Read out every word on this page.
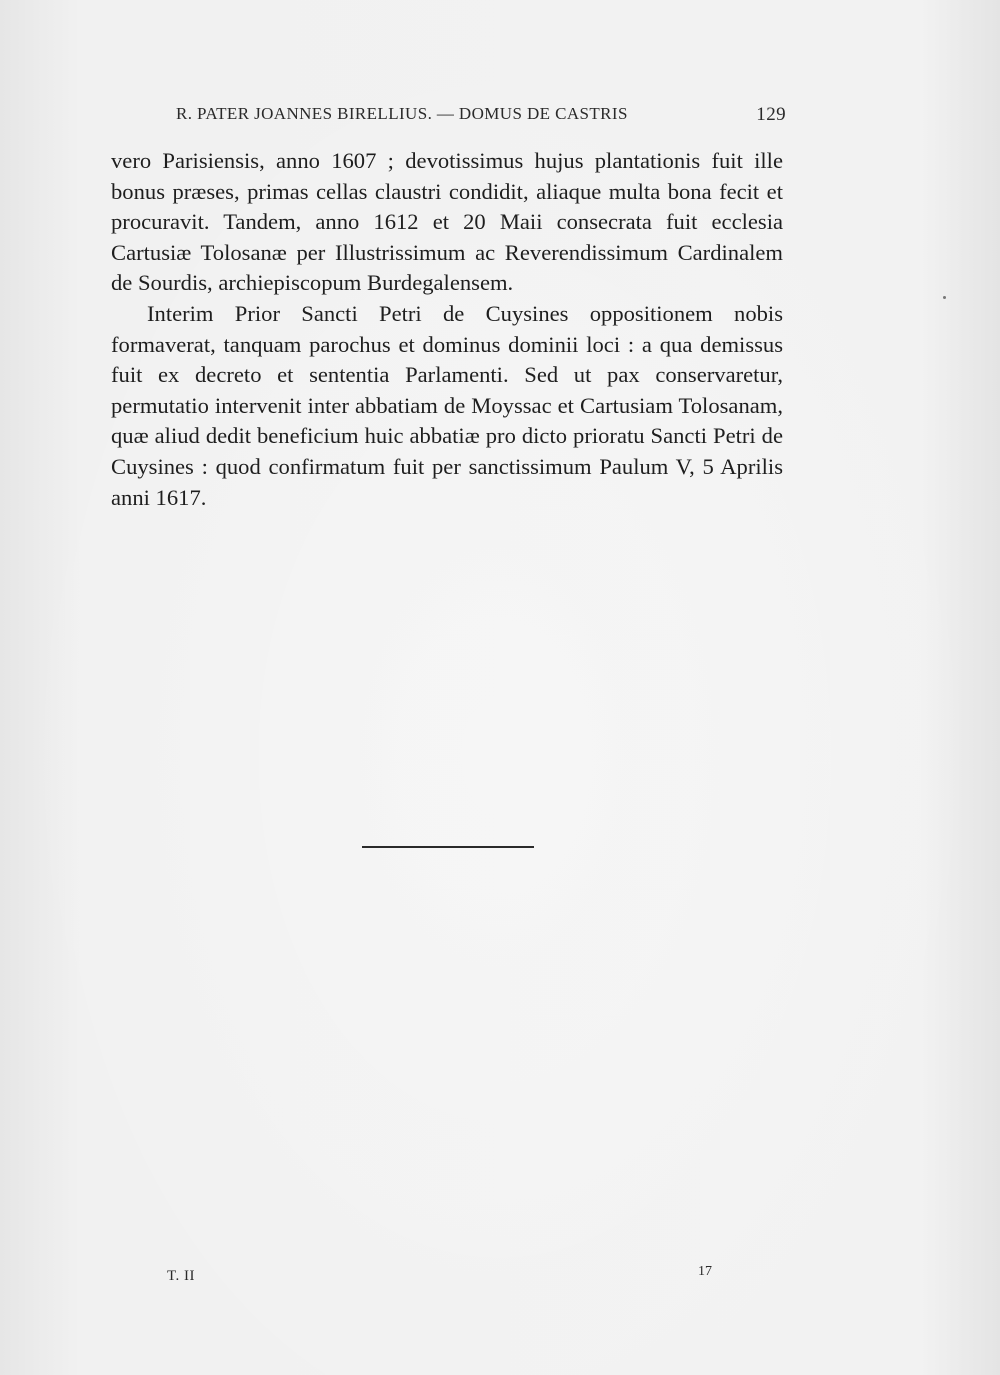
R. PATER JOANNES BIRELLIUS. — DOMUS DE CASTRIS	129

vero Parisiensis, anno 1607 ; devotissimus hujus plantationis fuit ille bonus præses, primas cellas claustri condidit, aliaque multa bona fecit et procuravit. Tandem, anno 1612 et 20 Maii consecrata fuit ecclesia Cartusiæ Tolosanæ per Illustrissimum ac Reverendissimum Cardinalem de Sourdis, archiepiscopum Burdegalensem.

Interim Prior Sancti Petri de Cuysines oppositionem nobis formaverat, tanquam parochus et dominus dominii loci : a qua demissus fuit ex decreto et sententia Parlamenti. Sed ut pax conservaretur, permutatio intervenit inter abbatiam de Moyssac et Cartusiam Tolosanam, quæ aliud dedit beneficium huic abbatiæ pro dicto prioratu Sancti Petri de Cuysines : quod confirmatum fuit per sanctissimum Paulum V, 5 Aprilis anni 1617.

T. II	17
